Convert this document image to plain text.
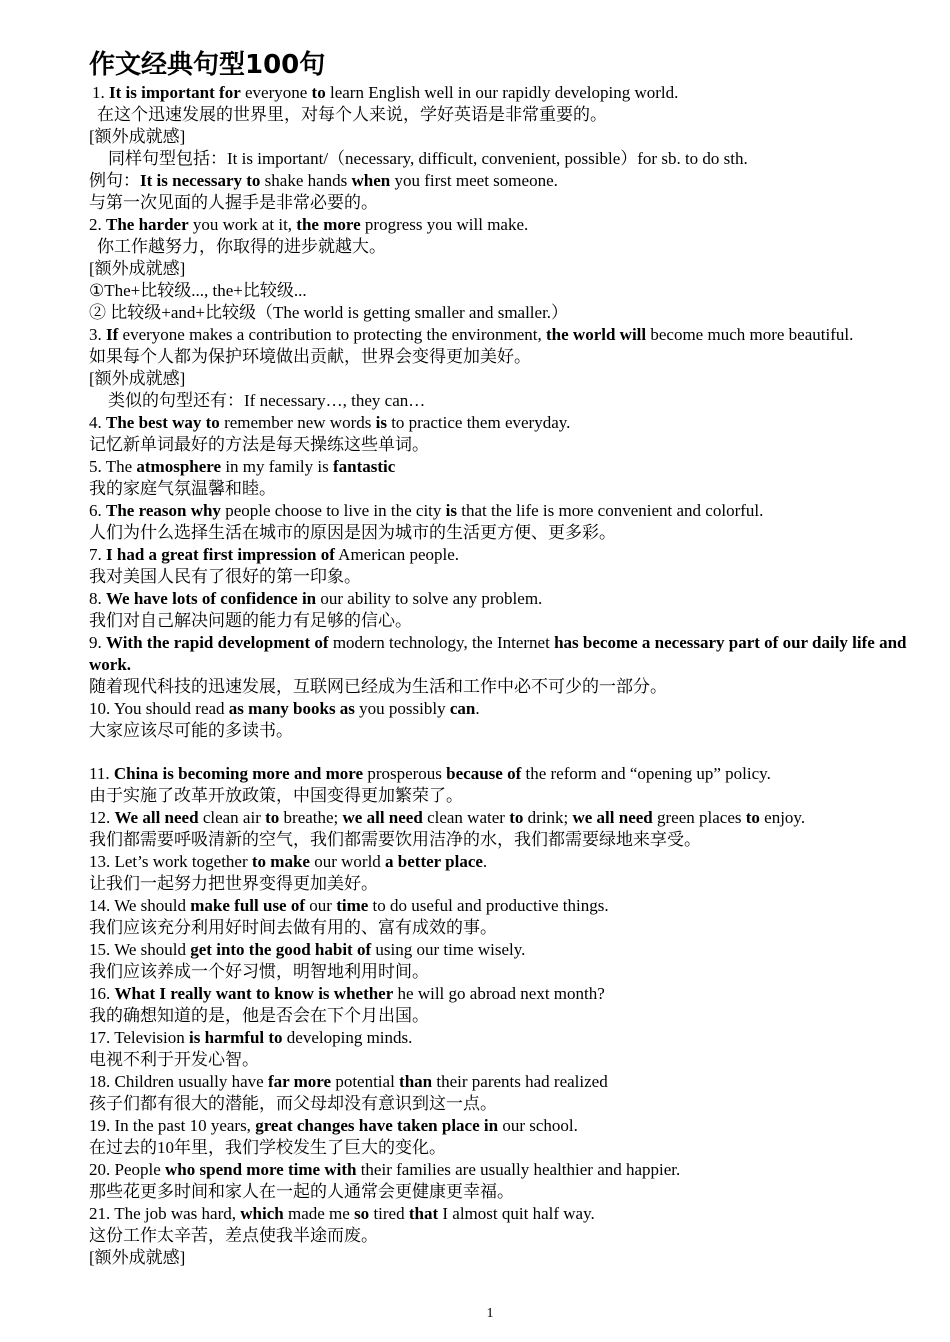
作文经典句型100句
1. It is important for everyone to learn English well in our rapidly developing world.
在这个迅速发展的世界里，对每个人来说，学好英语是非常重要的。
[额外成就感]
同样句型包括：It is important/（necessary, difficult, convenient, possible）for sb. to do sth.
例句：It is necessary to shake hands when you first meet someone.
与第一次见面的人握手是非常必要的。
2. The harder you work at it, the more progress you will make.
你工作越努力，你取得的进步就越大。
[额外成就感]
①The+比较级..., the+比较级...
② 比较级+and+比较级（The world is getting smaller and smaller.）
3. If everyone makes a contribution to protecting the environment, the world will become much more beautiful.
如果每个人都为保护环境做出贡献，世界会变得更加美好。
[额外成就感]
类似的句型还有：If necessary…, they can…
4. The best way to remember new words is to practice them everyday.
记忆新单词最好的方法是每天操练这些单词。
5. The atmosphere in my family is fantastic
我的家庭气氛温馨和睦。
6. The reason why people choose to live in the city is that the life is more convenient and colorful.
人们为什么选择生活在城市的原因是因为城市的生活更方便、更多彩。
7. I had a great first impression of American people.
我对美国人民有了很好的第一印象。
8. We have lots of confidence in our ability to solve any problem.
我们对自己解决问题的能力有足够的信心。
9. With the rapid development of modern technology, the Internet has become a necessary part of our daily life and work.
随着现代科技的迅速发展，互联网已经成为生活和工作中必不可少的一部分。
10. You should read as many books as you possibly can.
大家应该尽可能的多读书。
11. China is becoming more and more prosperous because of the reform and “opening up” policy.
由于实施了改革开放政策，中国变得更加繁荣了。
12. We all need clean air to breathe; we all need clean water to drink; we all need green places to enjoy.
我们都需要呼吸清新的空气，我们都需要饮用洁净的水，我们都需要绿地来享受。
13. Let’s work together to make our world a better place.
让我们一起努力把世界变得更加美好。
14. We should make full use of our time to do useful and productive things.
我们应该充分利用好时间去做有用的、富有成效的事。
15. We should get into the good habit of using our time wisely.
我们应该养成一个好习惯，明智地利用时间。
16. What I really want to know is whether he will go abroad next month?
我的确想知道的是，他是否会在下个月出国。
17. Television is harmful to developing minds.
电视不利于开发心智。
18. Children usually have far more potential than their parents had realized
孩子们都有很大的潜能，而父母却没有意识到这一点。
19. In the past 10 years, great changes have taken place in our school.
在过去的10年里，我们学校发生了巨大的变化。
20. People who spend more time with their families are usually healthier and happier.
那些花更多时间和家人在一起的人通常会更健康更幸福。
21. The job was hard, which made me so tired that I almost quit half way.
这份工作太辛苦，差点使我半途而废。
[额外成就感]
1
